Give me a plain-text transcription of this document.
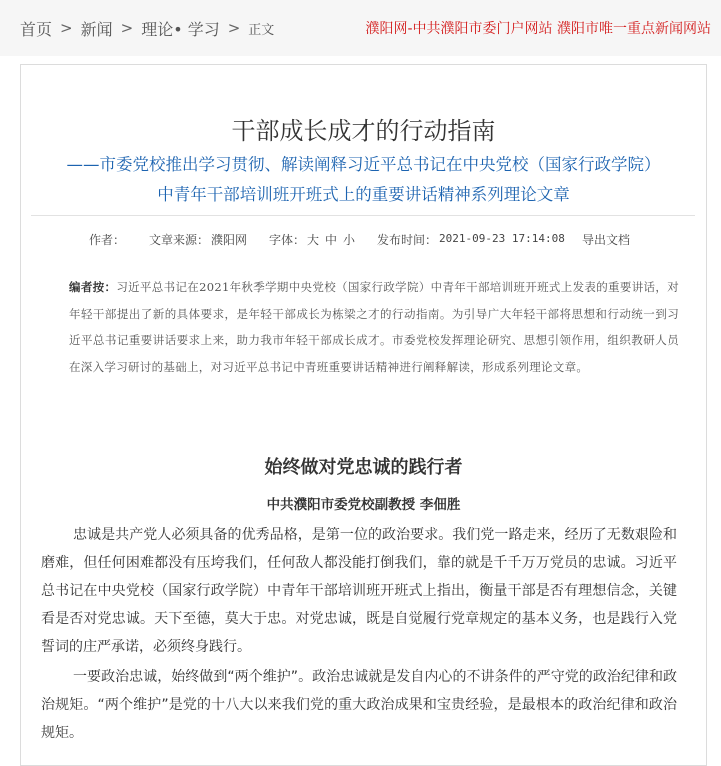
首页 > 新闻 > 理论• 学习 > 正文	濮阳网-中共濮阳市委门户网站 濮阳市唯一重点新闻网站
干部成长成才的行动指南
——市委党校推出学习贯彻、解读阐释习近平总书记在中央党校（国家行政学院）
中青年干部培训班开班式上的重要讲话精神系列理论文章
作者： 文章来源： 濮阳网 字体： 大 中 小 发布时间： 2021-09-23 17:14:08 导出文档
编者按：习近平总书记在2021年秋季学期中央党校（国家行政学院）中青年干部培训班开班式上发表的重要讲话，对年轻干部提出了新的具体要求，是年轻干部成长为栋梁之才的行动指南。为引导广大年轻干部将思想和行动统一到习近平总书记重要讲话要求上来，助力我市年轻干部成长成才。市委党校发挥理论研究、思想引领作用，组织教研人员在深入学习研讨的基础上，对习近平总书记中青班重要讲话精神进行阐释解读，形成系列理论文章。
始终做对党忠诚的践行者
中共濮阳市委党校副教授 李佃胜
忠诚是共产党人必须具备的优秀品格，是第一位的政治要求。我们党一路走来，经历了无数艰险和磨难，但任何困难都没有压垮我们，任何敌人都没能打倒我们，靠的就是千千万万党员的忠诚。习近平总书记在中央党校（国家行政学院）中青年干部培训班开班式上指出，衡量干部是否有理想信念，关键看是否对党忠诚。天下至德，莫大于忠。对党忠诚，既是自觉履行党章规定的基本义务，也是践行入党誓词的庄严承诺，必须终身践行。
一要政治忠诚，始终做到“两个维护”。政治忠诚就是发自内心的不讲条件的严守党的政治纪律和政治规矩。“两个维护”是党的十八大以来我们党的重大政治成果和宝贵经验，是最根本的政治纪律和政治规矩。
